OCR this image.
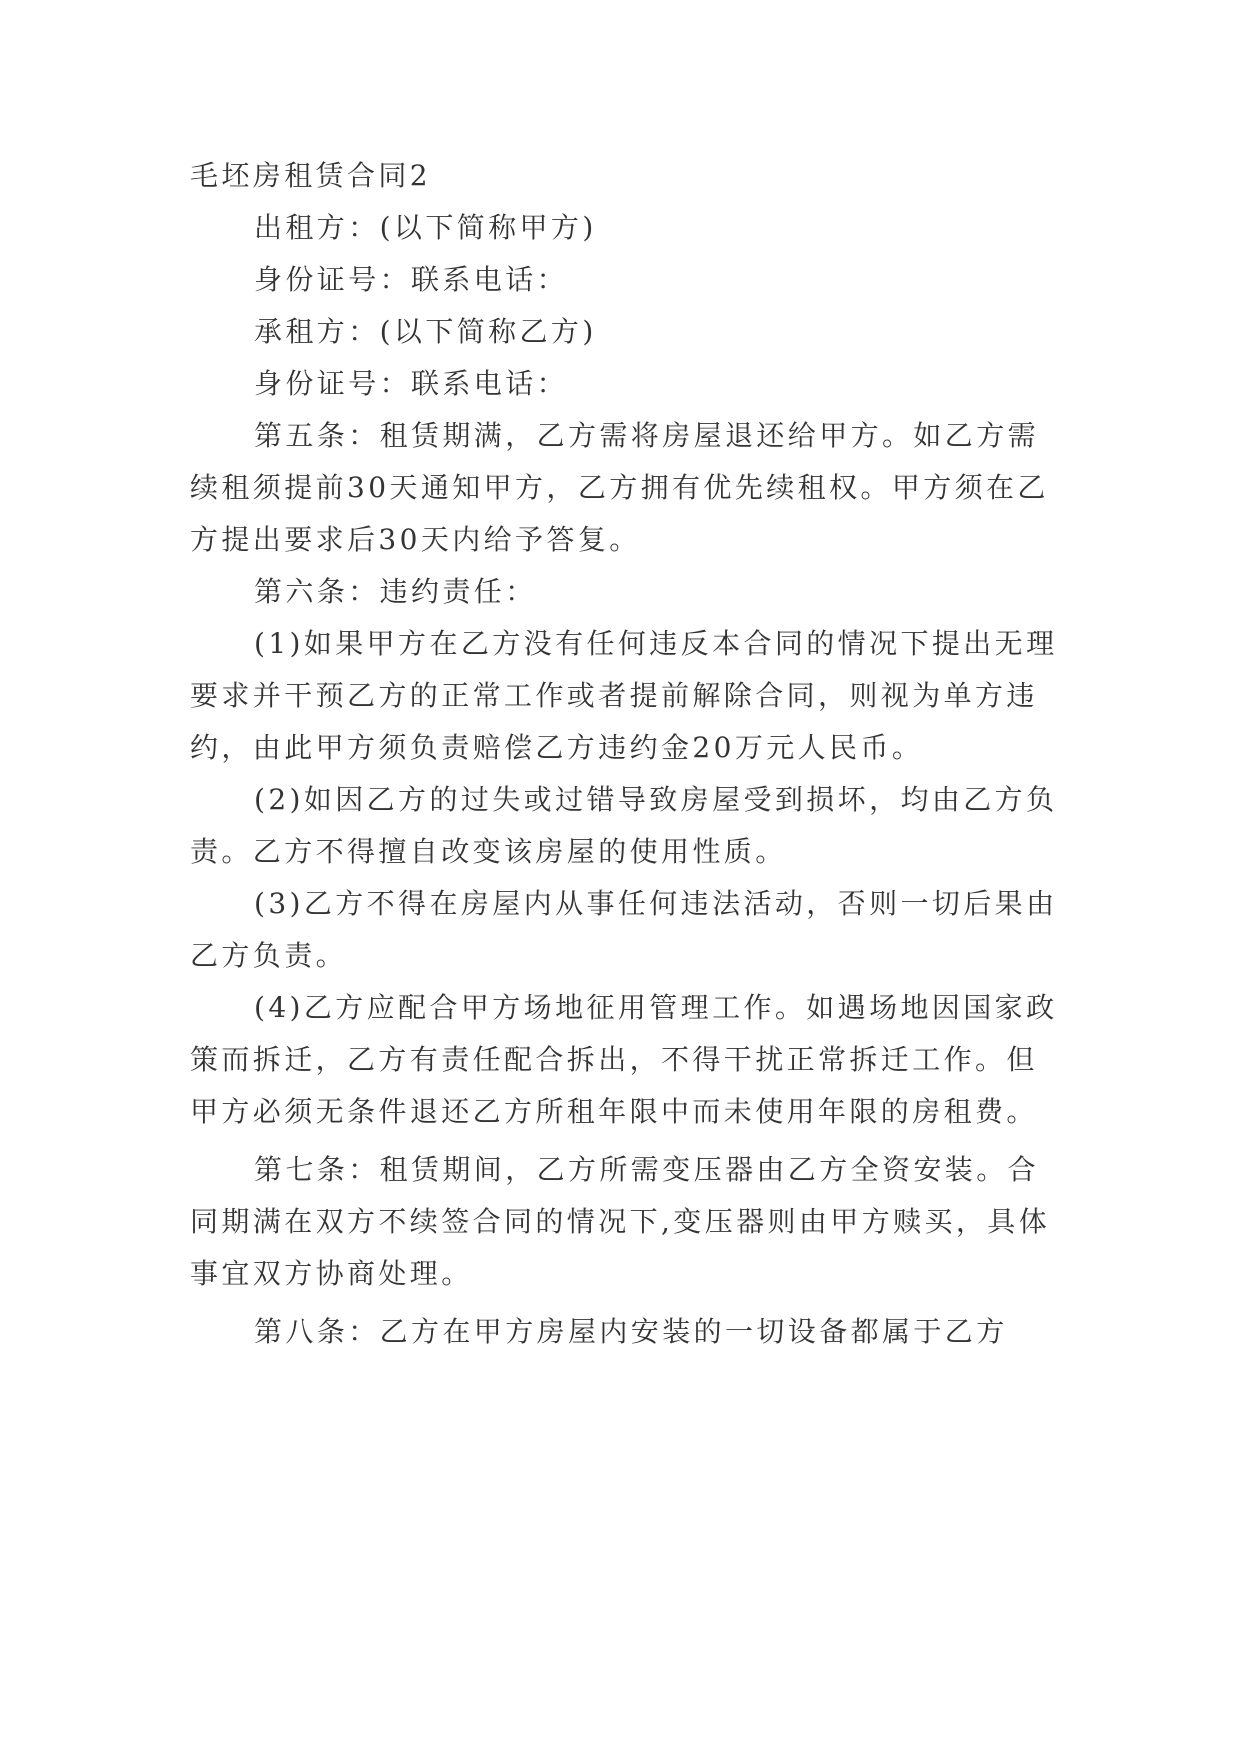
毛坯房租赁合同2

出租方：(以下简称甲方)

身份证号：联系电话：

承租方：(以下简称乙方)

身份证号：联系电话：

第五条：租赁期满，乙方需将房屋退还给甲方。如乙方需续租须提前30天通知甲方，乙方拥有优先续租权。甲方须在乙方提出要求后30天内给予答复。

第六条：违约责任：

(1)如果甲方在乙方没有任何违反本合同的情况下提出无理要求并干预乙方的正常工作或者提前解除合同，则视为单方违约，由此甲方须负责赔偿乙方违约金20万元人民币。

(2)如因乙方的过失或过错导致房屋受到损坏，均由乙方负责。乙方不得擅自改变该房屋的使用性质。

(3)乙方不得在房屋内从事任何违法活动，否则一切后果由乙方负责。

(4)乙方应配合甲方场地征用管理工作。如遇场地因国家政策而拆迁，乙方有责任配合拆出，不得干扰正常拆迁工作。但甲方必须无条件退还乙方所租年限中而未使用年限的房租费。

第七条：租赁期间，乙方所需变压器由乙方全资安装。合同期满在双方不续签合同的情况下,变压器则由甲方赎买，具体事宜双方协商处理。

第八条：乙方在甲方房屋内安装的一切设备都属于乙方
